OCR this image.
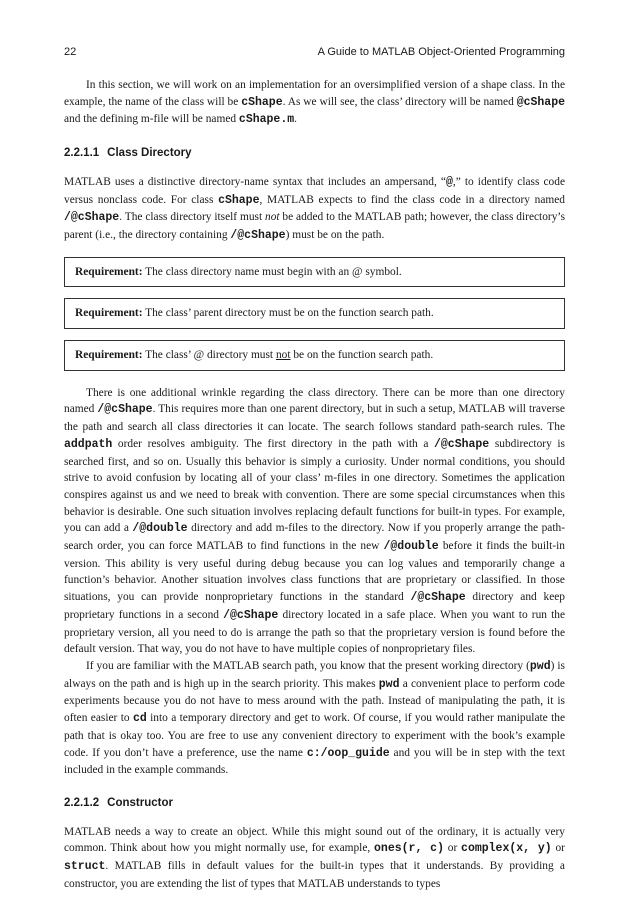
22	A Guide to MATLAB Object-Oriented Programming

In this section, we will work on an implementation for an oversimplified version of a shape class. In the example, the name of the class will be cShape. As we will see, the class’ directory will be named @cShape and the defining m-file will be named cShape.m.

2.2.1.1 Class Directory

MATLAB uses a distinctive directory-name syntax that includes an ampersand, “@,” to identify class code versus nonclass code. For class cShape, MATLAB expects to find the class code in a directory named /@cShape. The class directory itself must not be added to the MATLAB path; however, the class directory’s parent (i.e., the directory containing /@cShape) must be on the path.

Requirement: The class directory name must begin with an @ symbol.
Requirement: The class’ parent directory must be on the function search path.
Requirement: The class’ @ directory must not be on the function search path.

There is one additional wrinkle regarding the class directory. There can be more than one directory named /@cShape. This requires more than one parent directory, but in such a setup, MATLAB will traverse the path and search all class directories it can locate. The search follows standard path-search rules. The addpath order resolves ambiguity. The first directory in the path with a /@cShape subdirectory is searched first, and so on. Usually this behavior is simply a curiosity. Under normal conditions, you should strive to avoid confusion by locating all of your class’ m-files in one directory. Sometimes the application conspires against us and we need to break with convention. There are some special circumstances when this behavior is desirable. One such situation involves replacing default functions for built-in types. For example, you can add a /@double directory and add m-files to the directory. Now if you properly arrange the path-search order, you can force MATLAB to find functions in the new /@double before it finds the built-in version. This ability is very useful during debug because you can log values and temporarily change a function’s behavior. Another situation involves class functions that are proprietary or classified. In those situations, you can provide nonproprietary functions in the standard /@cShape directory and keep proprietary functions in a second /@cShape directory located in a safe place. When you want to run the proprietary version, all you need to do is arrange the path so that the proprietary version is found before the default version. That way, you do not have to have multiple copies of nonproprietary files.

If you are familiar with the MATLAB search path, you know that the present working directory (pwd) is always on the path and is high up in the search priority. This makes pwd a convenient place to perform code experiments because you do not have to mess around with the path. Instead of manipulating the path, it is often easier to cd into a temporary directory and get to work. Of course, if you would rather manipulate the path that is okay too. You are free to use any convenient directory to experiment with the book’s example code. If you don’t have a preference, use the name c:/oop_guide and you will be in step with the text included in the example commands.

2.2.1.2 Constructor

MATLAB needs a way to create an object. While this might sound out of the ordinary, it is actually very common. Think about how you might normally use, for example, ones(r, c) or complex(x, y) or struct. MATLAB fills in default values for the built-in types that it understands. By providing a constructor, you are extending the list of types that MATLAB understands to types
